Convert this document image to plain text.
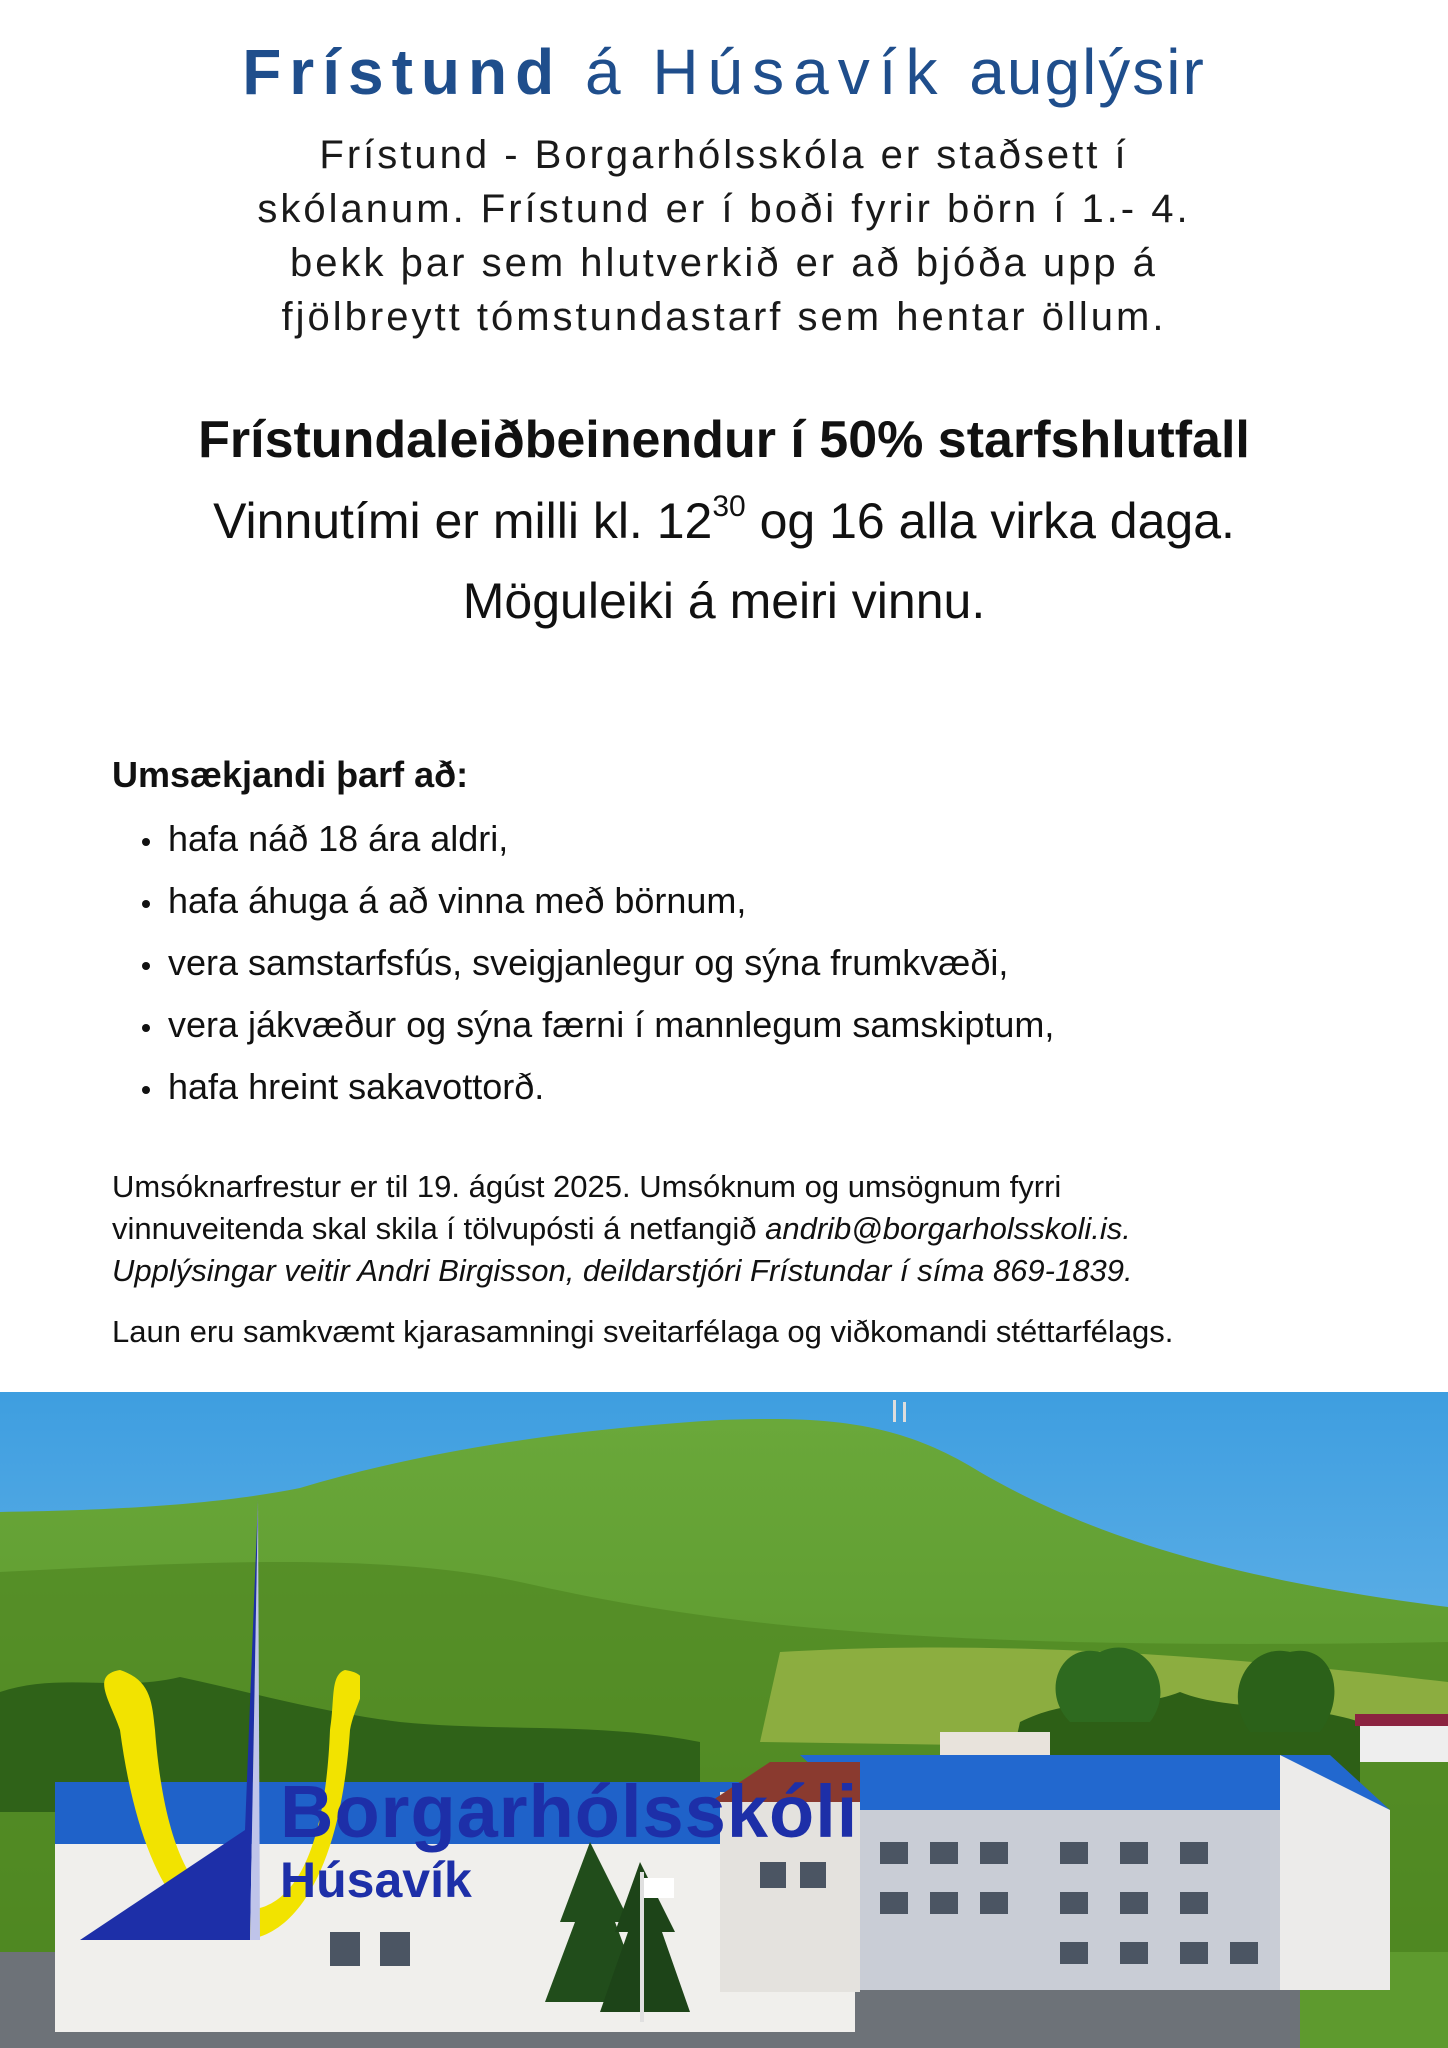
Frístund á Húsavík auglýsir
Frístund - Borgarhólsskóla er staðsett í
skólanum. Frístund er í boði fyrir börn í 1.- 4.
bekk þar sem hlutverkið er að bjóða upp á
fjölbreytt tómstundastarf sem hentar öllum.
Frístundaleiðbeinendur í 50% starfshlutfall
Vinnutími er milli kl. $12^{30}$ og 16 alla virka daga.
Möguleiki á meiri vinnu.
Umsækjandi þarf að:
hafa náð 18 ára aldri,
hafa áhuga á að vinna með börnum,
vera samstarfsfús, sveigjanlegur og sýna frumkvæði,
vera jákvæður og sýna færni í mannlegum samskiptum,
hafa hreint sakavottorð.
Umsóknarfrestur er til 19. ágúst 2025. Umsóknum og umsögnum fyrri
vinnuveitenda skal skila í tölvupósti á netfangið andrib@borgarholsskoli.is.
Upplýsingar veitir Andri Birgisson, deildarstjóri Frístundar í síma 869-1839.
Laun eru samkvæmt kjarasamningi sveitarfélaga og viðkomandi stéttarfélags.
Borgarhólsskóli
Húsavík
